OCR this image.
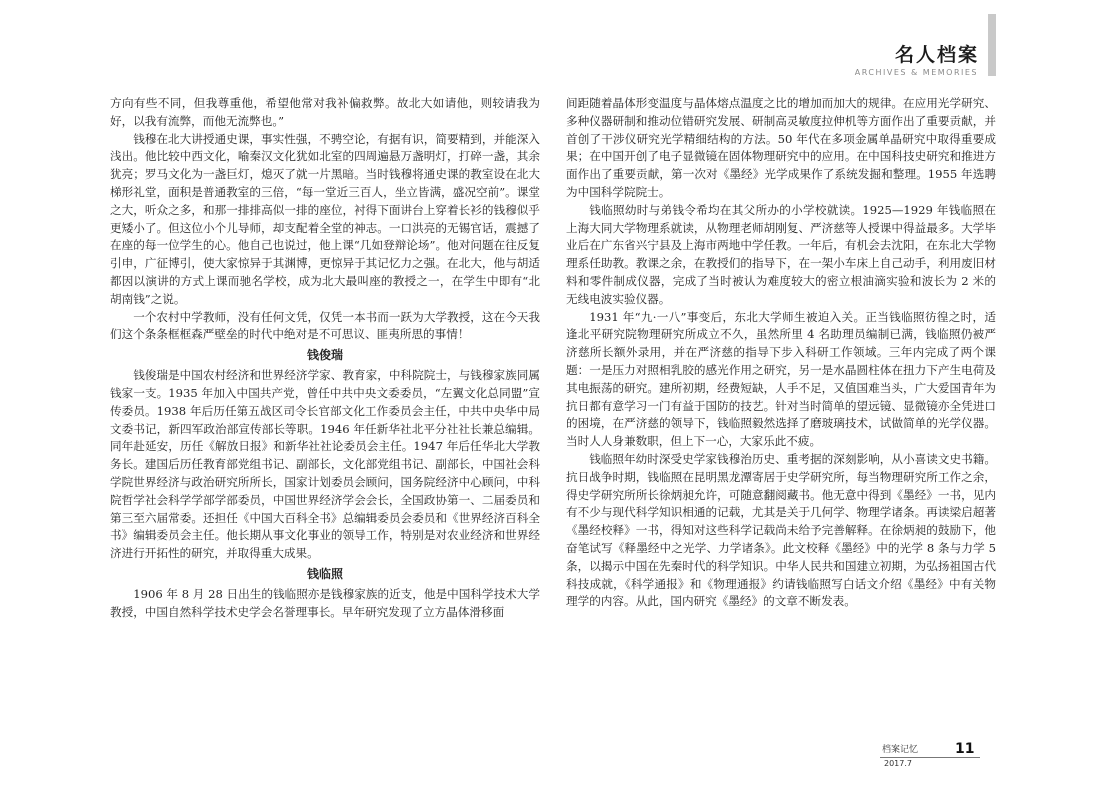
名人档案
ARCHIVES & MEMORIES

方向有些不同，但我尊重他，希望他常对我补偏救弊。故北大如请他，则较请我为好，以我有流弊，而他无流弊也。”

钱穆在北大讲授通史课，事实性强，不骋空论，有据有识，简要精到，并能深入浅出。他比较中西文化，喻秦汉文化犹如北室的四周遍悬万盏明灯，打碎一盏，其余犹亮；罗马文化为一盏巨灯，熄灭了就一片黑暗。当时钱穆将通史课的教室设在北大梯形礼堂，面积是普通教室的三倍，“每一堂近三百人，坐立皆满，盛况空前”。课堂之大，听众之多，和那一排排高似一排的座位，衬得下面讲台上穿着长衫的钱穆似乎更矮小了。但这位小个儿导师，却支配着全堂的神志。一口洪亮的无锡官话，震撼了在座的每一位学生的心。他自己也说过，他上课“几如登辩论场”。他对问题在往反复引申，广征博引，使大家惊异于其渊博，更惊异于其记忆力之强。在北大，他与胡适都因以演讲的方式上课而驰名学校，成为北大最叫座的教授之一，在学生中即有“北胡南钱”之说。

一个农村中学教师，没有任何文凭，仅凭一本书而一跃为大学教授，这在今天我们这个条条框框森严壁垒的时代中绝对是不可思议、匪夷所思的事情！

钱俊瑞

钱俊瑞是中国农村经济和世界经济学家、教育家，中科院院士，与钱穆家族同属钱家一支。1935 年加入中国共产党，曾任中共中央文委委员，“左翼文化总同盟”宣传委员。1938 年后历任第五战区司令长官部文化工作委员会主任，中共中央华中局文委书记，新四军政治部宣传部长等职。1946 年任新华社北平分社社长兼总编辑。同年赴延安，历任《解放日报》和新华社社论委员会主任。1947 年后任华北大学教务长。建国后历任教育部党组书记、副部长，文化部党组书记、副部长，中国社会科学院世界经济与政治研究所所长，国家计划委员会顾问，国务院经济中心顾问，中科院哲学社会科学学部学部委员，中国世界经济学会会长，全国政协第一、二届委员和第三至六届常委。还担任《中国大百科全书》总编辑委员会委员和《世界经济百科全书》编辑委员会主任。他长期从事文化事业的领导工作，特别是对农业经济和世界经济进行开拓性的研究，并取得重大成果。

钱临照

1906 年 8 月 28 日出生的钱临照亦是钱穆家族的近支，他是中国科学技术大学教授，中国自然科学技术史学会名誉理事长。早年研究发现了立方晶体滑移面

间距随着晶体形变温度与晶体熔点温度之比的增加而加大的规律。在应用光学研究、多种仪器研制和推动位错研究发展、研制高灵敏度拉伸机等方面作出了重要贡献，并首创了干涉仪研究光学精细结构的方法。50 年代在多项金属单晶研究中取得重要成果；在中国开创了电子显微镜在固体物理研究中的应用。在中国科技史研究和推进方面作出了重要贡献，第一次对《墨经》光学成果作了系统发掘和整理。1955 年选聘为中国科学院院士。

钱临照幼时与弟钱令希均在其父所办的小学校就读。1925—1929 年钱临照在上海大同大学物理系就读，从物理老师胡刚复、严济慈等人授课中得益最多。大学毕业后在广东省兴宁县及上海市两地中学任教。一年后，有机会去沈阳，在东北大学物理系任助教。教课之余，在教授们的指导下，在一架小车床上自己动手，利用废旧材料和零件制成仪器，完成了当时被认为难度较大的密立根油滴实验和波长为 2 米的无线电波实验仪器。

1931 年“九·一八”事变后，东北大学师生被迫入关。正当钱临照彷徨之时，适逢北平研究院物理研究所成立不久，虽然所里 4 名助理员编制已满，钱临照仍被严济慈所长额外录用，并在严济慈的指导下步入科研工作领域。三年内完成了两个课题：一是压力对照相乳胶的感光作用之研究，另一是水晶圆柱体在扭力下产生电荷及其电振荡的研究。建所初期，经费短缺，人手不足，又值国难当头，广大爱国青年为抗日都有意学习一门有益于国防的技艺。针对当时简单的望远镜、显微镜亦全凭进口的困境，在严济慈的领导下，钱临照毅然选择了磨玻璃技术，试做简单的光学仪器。当时人人身兼数职，但上下一心，大家乐此不疲。

钱临照年幼时深受史学家钱穆治历史、重考据的深刻影响，从小喜读文史书籍。抗日战争时期，钱临照在昆明黑龙潭寄居于史学研究所，每当物理研究所工作之余，得史学研究所所长徐炳昶允许，可随意翻阅藏书。他无意中得到《墨经》一书，见内有不少与现代科学知识相通的记载，尤其是关于几何学、物理学诸条。再读梁启超著《墨经校释》一书，得知对这些科学记载尚未给予完善解释。在徐炳昶的鼓励下，他奋笔试写《释墨经中之光学、力学诸条》。此文校释《墨经》中的光学 8 条与力学 5 条，以揭示中国在先秦时代的科学知识。中华人民共和国建立初期，为弘扬祖国古代科技成就，《科学通报》和《物理通报》约请钱临照写白话文介绍《墨经》中有关物理学的内容。从此，国内研究《墨经》的文章不断发表。

档案记忆	11
2017.7
